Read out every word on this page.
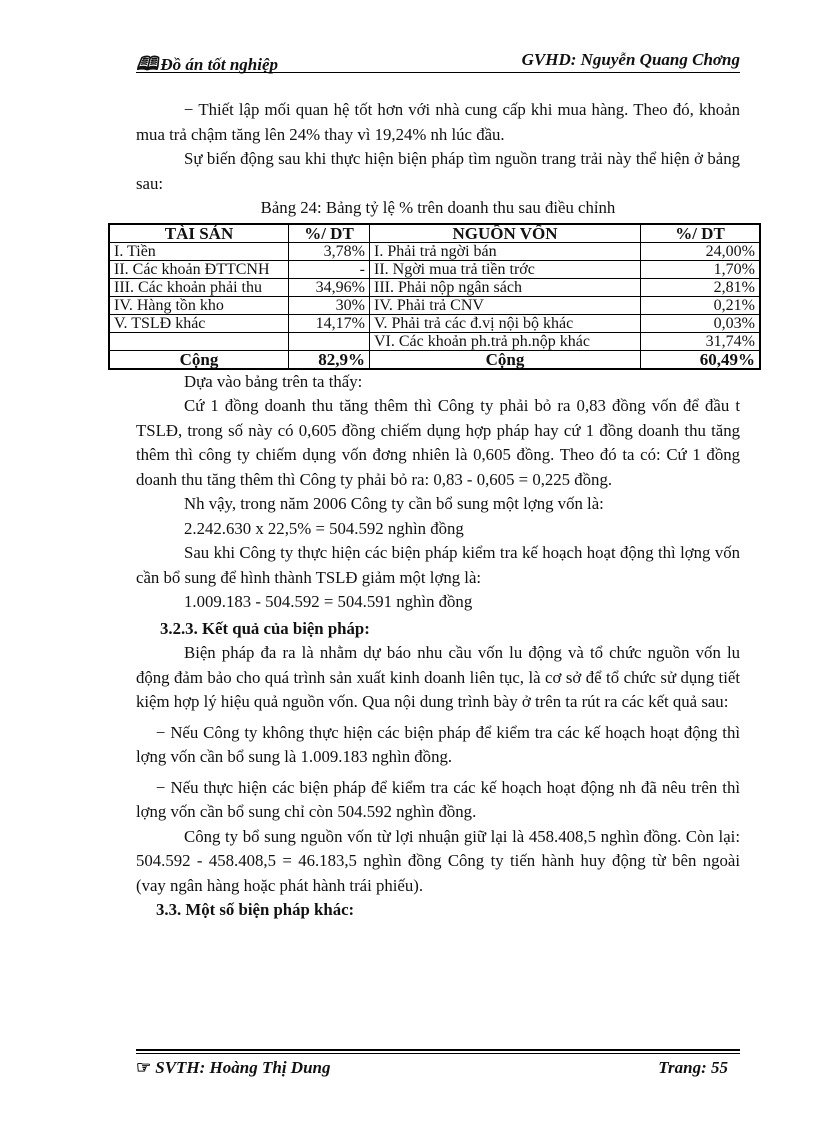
🕮 Đồ án tốt nghiệp	GVHD: Nguyễn Quang Chơng

− Thiết lập mối quan hệ tốt hơn với nhà cung cấp khi mua hàng. Theo đó, khoản mua trả chậm tăng lên 24% thay vì 19,24% nh lúc đầu.

Sự biến động sau khi thực hiện biện pháp tìm nguồn trang trải này thể hiện ở bảng sau:

Bảng 24: Bảng tỷ lệ % trên doanh thu sau điều chỉnh

TÀI SẢN	%/ DT	NGUỒN VỐN	%/ DT
I. Tiền	3,78%	I. Phải trả ngời bán	24,00%
II. Các khoản ĐTTCNH	-	II. Ngời mua trả tiền trớc	1,70%
III. Các khoản phải thu	34,96%	III. Phải nộp ngân sách	2,81%
IV. Hàng tồn kho	30%	IV. Phải trả CNV	0,21%
V. TSLĐ khác	14,17%	V. Phải trả các đ.vị nội bộ khác	0,03%
		VI. Các khoản ph.trả ph.nộp khác	31,74%
Cộng	82,9%	Cộng	60,49%

Dựa vào bảng trên ta thấy:

Cứ 1 đồng doanh thu tăng thêm thì Công ty phải bỏ ra 0,83 đồng vốn để đầu t TSLĐ, trong số này có 0,605 đồng chiếm dụng hợp pháp hay cứ 1 đồng doanh thu tăng thêm thì công ty chiếm dụng vốn đơng nhiên là 0,605 đồng. Theo đó ta có: Cứ 1 đồng doanh thu tăng thêm thì Công ty phải bỏ ra: 0,83 - 0,605 = 0,225 đồng.

Nh vậy, trong năm 2006 Công ty cần bổ sung một lợng vốn là:

2.242.630 x 22,5% = 504.592 nghìn đồng

Sau khi Công ty thực hiện các biện pháp kiểm tra kế hoạch hoạt động thì lợng vốn cần bổ sung để hình thành TSLĐ giảm một lợng là:

1.009.183 - 504.592 = 504.591 nghìn đồng

3.2.3. Kết quả của biện pháp:

Biện pháp đa ra là nhằm dự báo nhu cầu vốn lu động và tổ chức nguồn vốn lu động đảm bảo cho quá trình sản xuất kinh doanh liên tục, là cơ sở để tổ chức sử dụng tiết kiệm hợp lý hiệu quả nguồn vốn. Qua nội dung trình bày ở trên ta rút ra các kết quả sau:

− Nếu Công ty không thực hiện các biện pháp để kiểm tra các kế hoạch hoạt động thì lợng vốn cần bổ sung là 1.009.183 nghìn đồng.

− Nếu thực hiện các biện pháp để kiểm tra các kế hoạch hoạt động nh đã nêu trên thì lợng vốn cần bổ sung chỉ còn 504.592 nghìn đồng.

Công ty bổ sung nguồn vốn từ lợi nhuận giữ lại là 458.408,5 nghìn đồng. Còn lại: 504.592 - 458.408,5 = 46.183,5 nghìn đồng Công ty tiến hành huy động từ bên ngoài (vay ngân hàng hoặc phát hành trái phiếu).

3.3. Một số biện pháp khác:

☞ SVTH: Hoàng Thị Dung	Trang: 55
